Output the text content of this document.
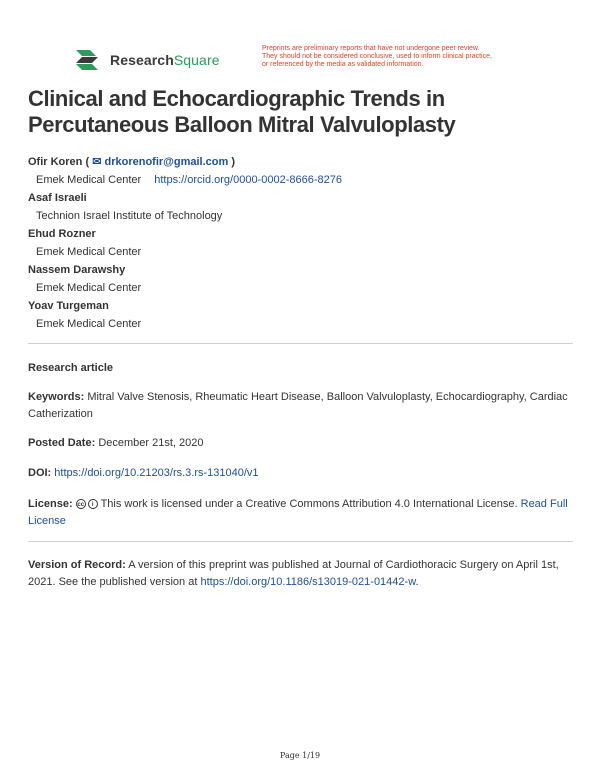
ResearchSquare
Preprints are preliminary reports that have not undergone peer review.
They should not be considered conclusive, used to inform clinical practice,
or referenced by the media as validated information.
Clinical and Echocardiographic Trends in Percutaneous Balloon Mitral Valvuloplasty
Ofir Koren ( ✉ drkorenofir@gmail.com )
Emek Medical Center https://orcid.org/0000-0002-8666-8276
Asaf Israeli
Technion Israel Institute of Technology
Ehud Rozner
Emek Medical Center
Nassem Darawshy
Emek Medical Center
Yoav Turgeman
Emek Medical Center
Research article
Keywords: Mitral Valve Stenosis, Rheumatic Heart Disease, Balloon Valvuloplasty, Echocardiography, Cardiac Catherization
Posted Date: December 21st, 2020
DOI: https://doi.org/10.21203/rs.3.rs-131040/v1
License: cc	i This work is licensed under a Creative Commons Attribution 4.0 International License. Read Full License
Version of Record: A version of this preprint was published at Journal of Cardiothoracic Surgery on April 1st, 2021. See the published version at https://doi.org/10.1186/s13019-021-01442-w.
Page 1/19
